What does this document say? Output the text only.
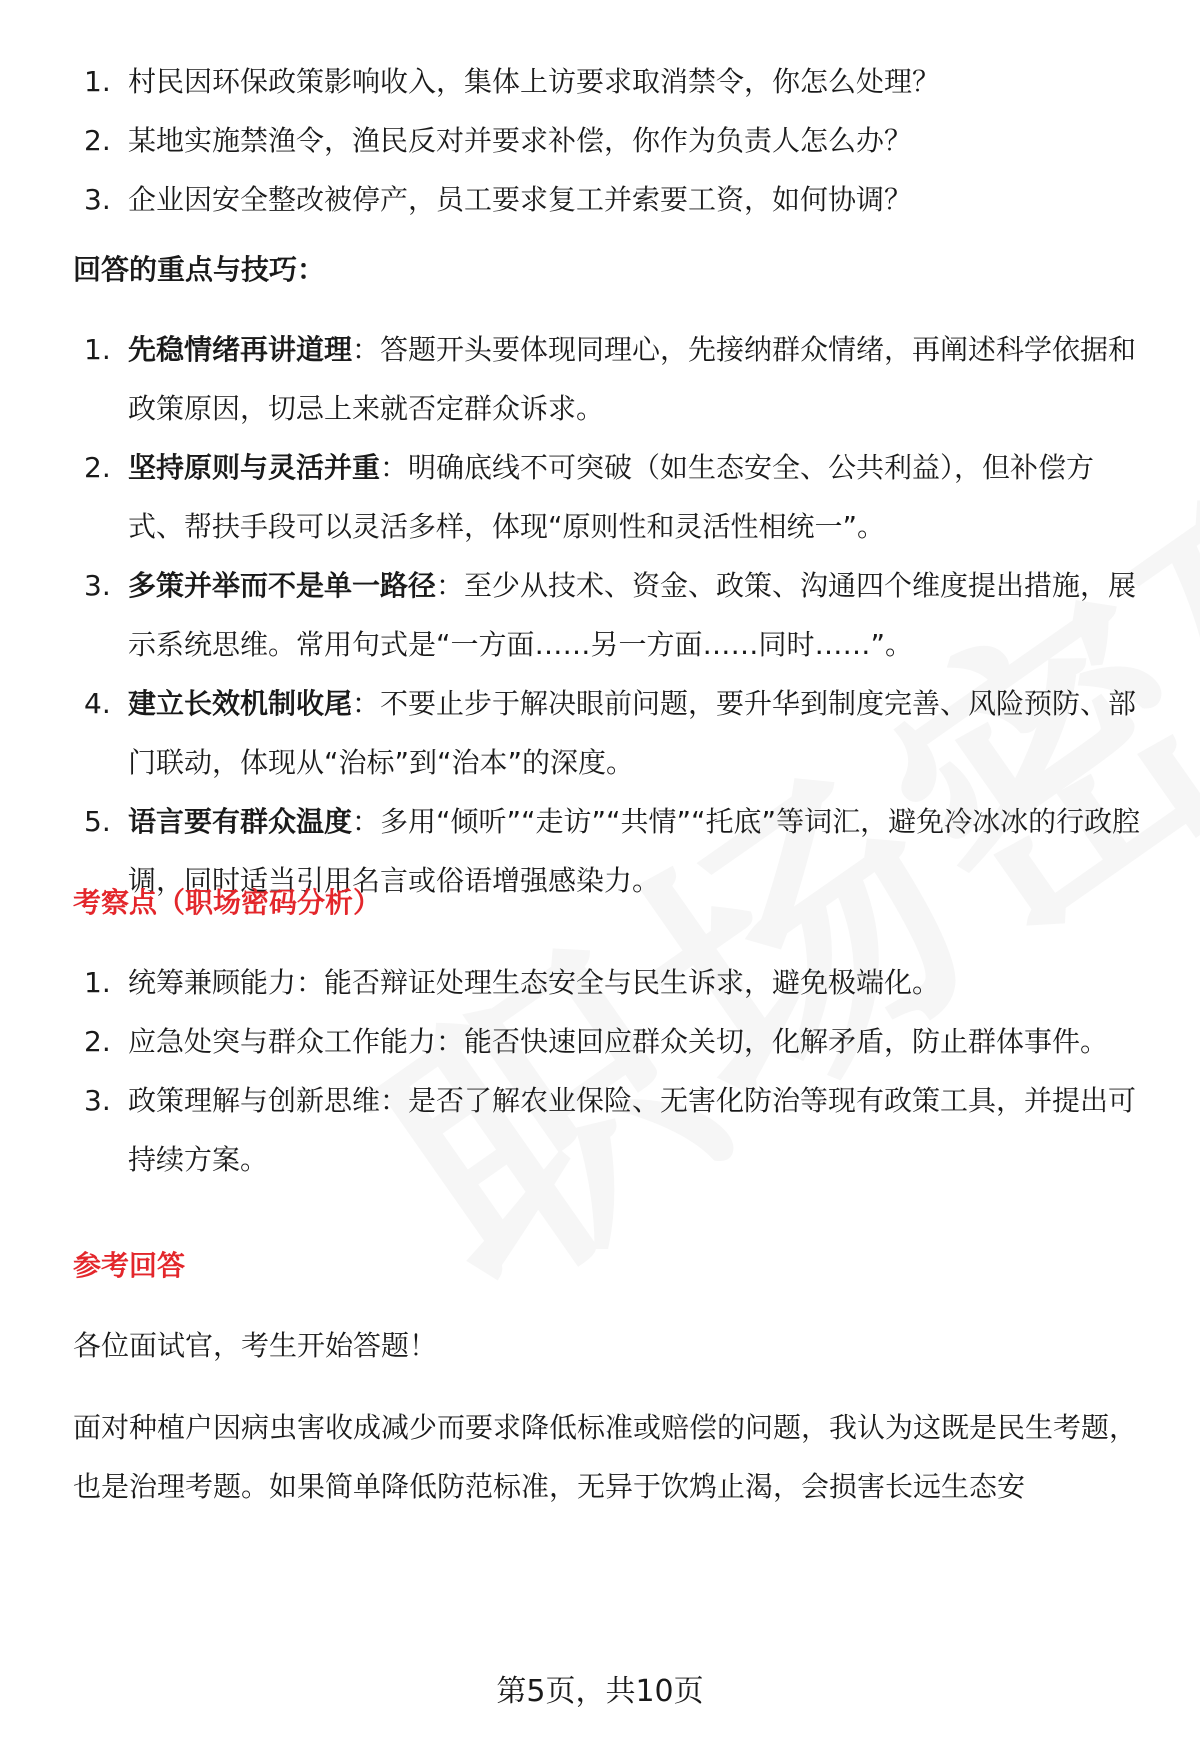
1. 村民因环保政策影响收入，集体上访要求取消禁令，你怎么处理？
2. 某地实施禁渔令，渔民反对并要求补偿，你作为负责人怎么办？
3. 企业因安全整改被停产，员工要求复工并索要工资，如何协调？
回答的重点与技巧：
1. 先稳情绪再讲道理：答题开头要体现同理心，先接纳群众情绪，再阐述科学依据和政策原因，切忌上来就否定群众诉求。
2. 坚持原则与灵活并重：明确底线不可突破（如生态安全、公共利益），但补偿方式、帮扶手段可以灵活多样，体现“原则性和灵活性相统一”。
3. 多策并举而不是单一路径：至少从技术、资金、政策、沟通四个维度提出措施，展示系统思维。常用句式是“一方面……另一方面……同时……”。
4. 建立长效机制收尾：不要止步于解决眼前问题，要升华到制度完善、风险预防、部门联动，体现从“治标”到“治本”的深度。
5. 语言要有群众温度：多用“倾听”“走访”“共情”“托底”等词汇，避免冷冰冰的行政腔调，同时适当引用名言或俗语增强感染力。
考察点（职场密码分析）
1. 统筹兼顾能力：能否辩证处理生态安全与民生诉求，避免极端化。
2. 应急处突与群众工作能力：能否快速回应群众关切，化解矛盾，防止群体事件。
3. 政策理解与创新思维：是否了解农业保险、无害化防治等现有政策工具，并提出可持续方案。
参考回答
各位面试官，考生开始答题！
面对种植户因病虫害收成减少而要求降低标准或赔偿的问题，我认为这既是民生考题，也是治理考题。如果简单降低防范标准，无异于饮鸩止渴，会损害长远生态安
第5页，共10页
